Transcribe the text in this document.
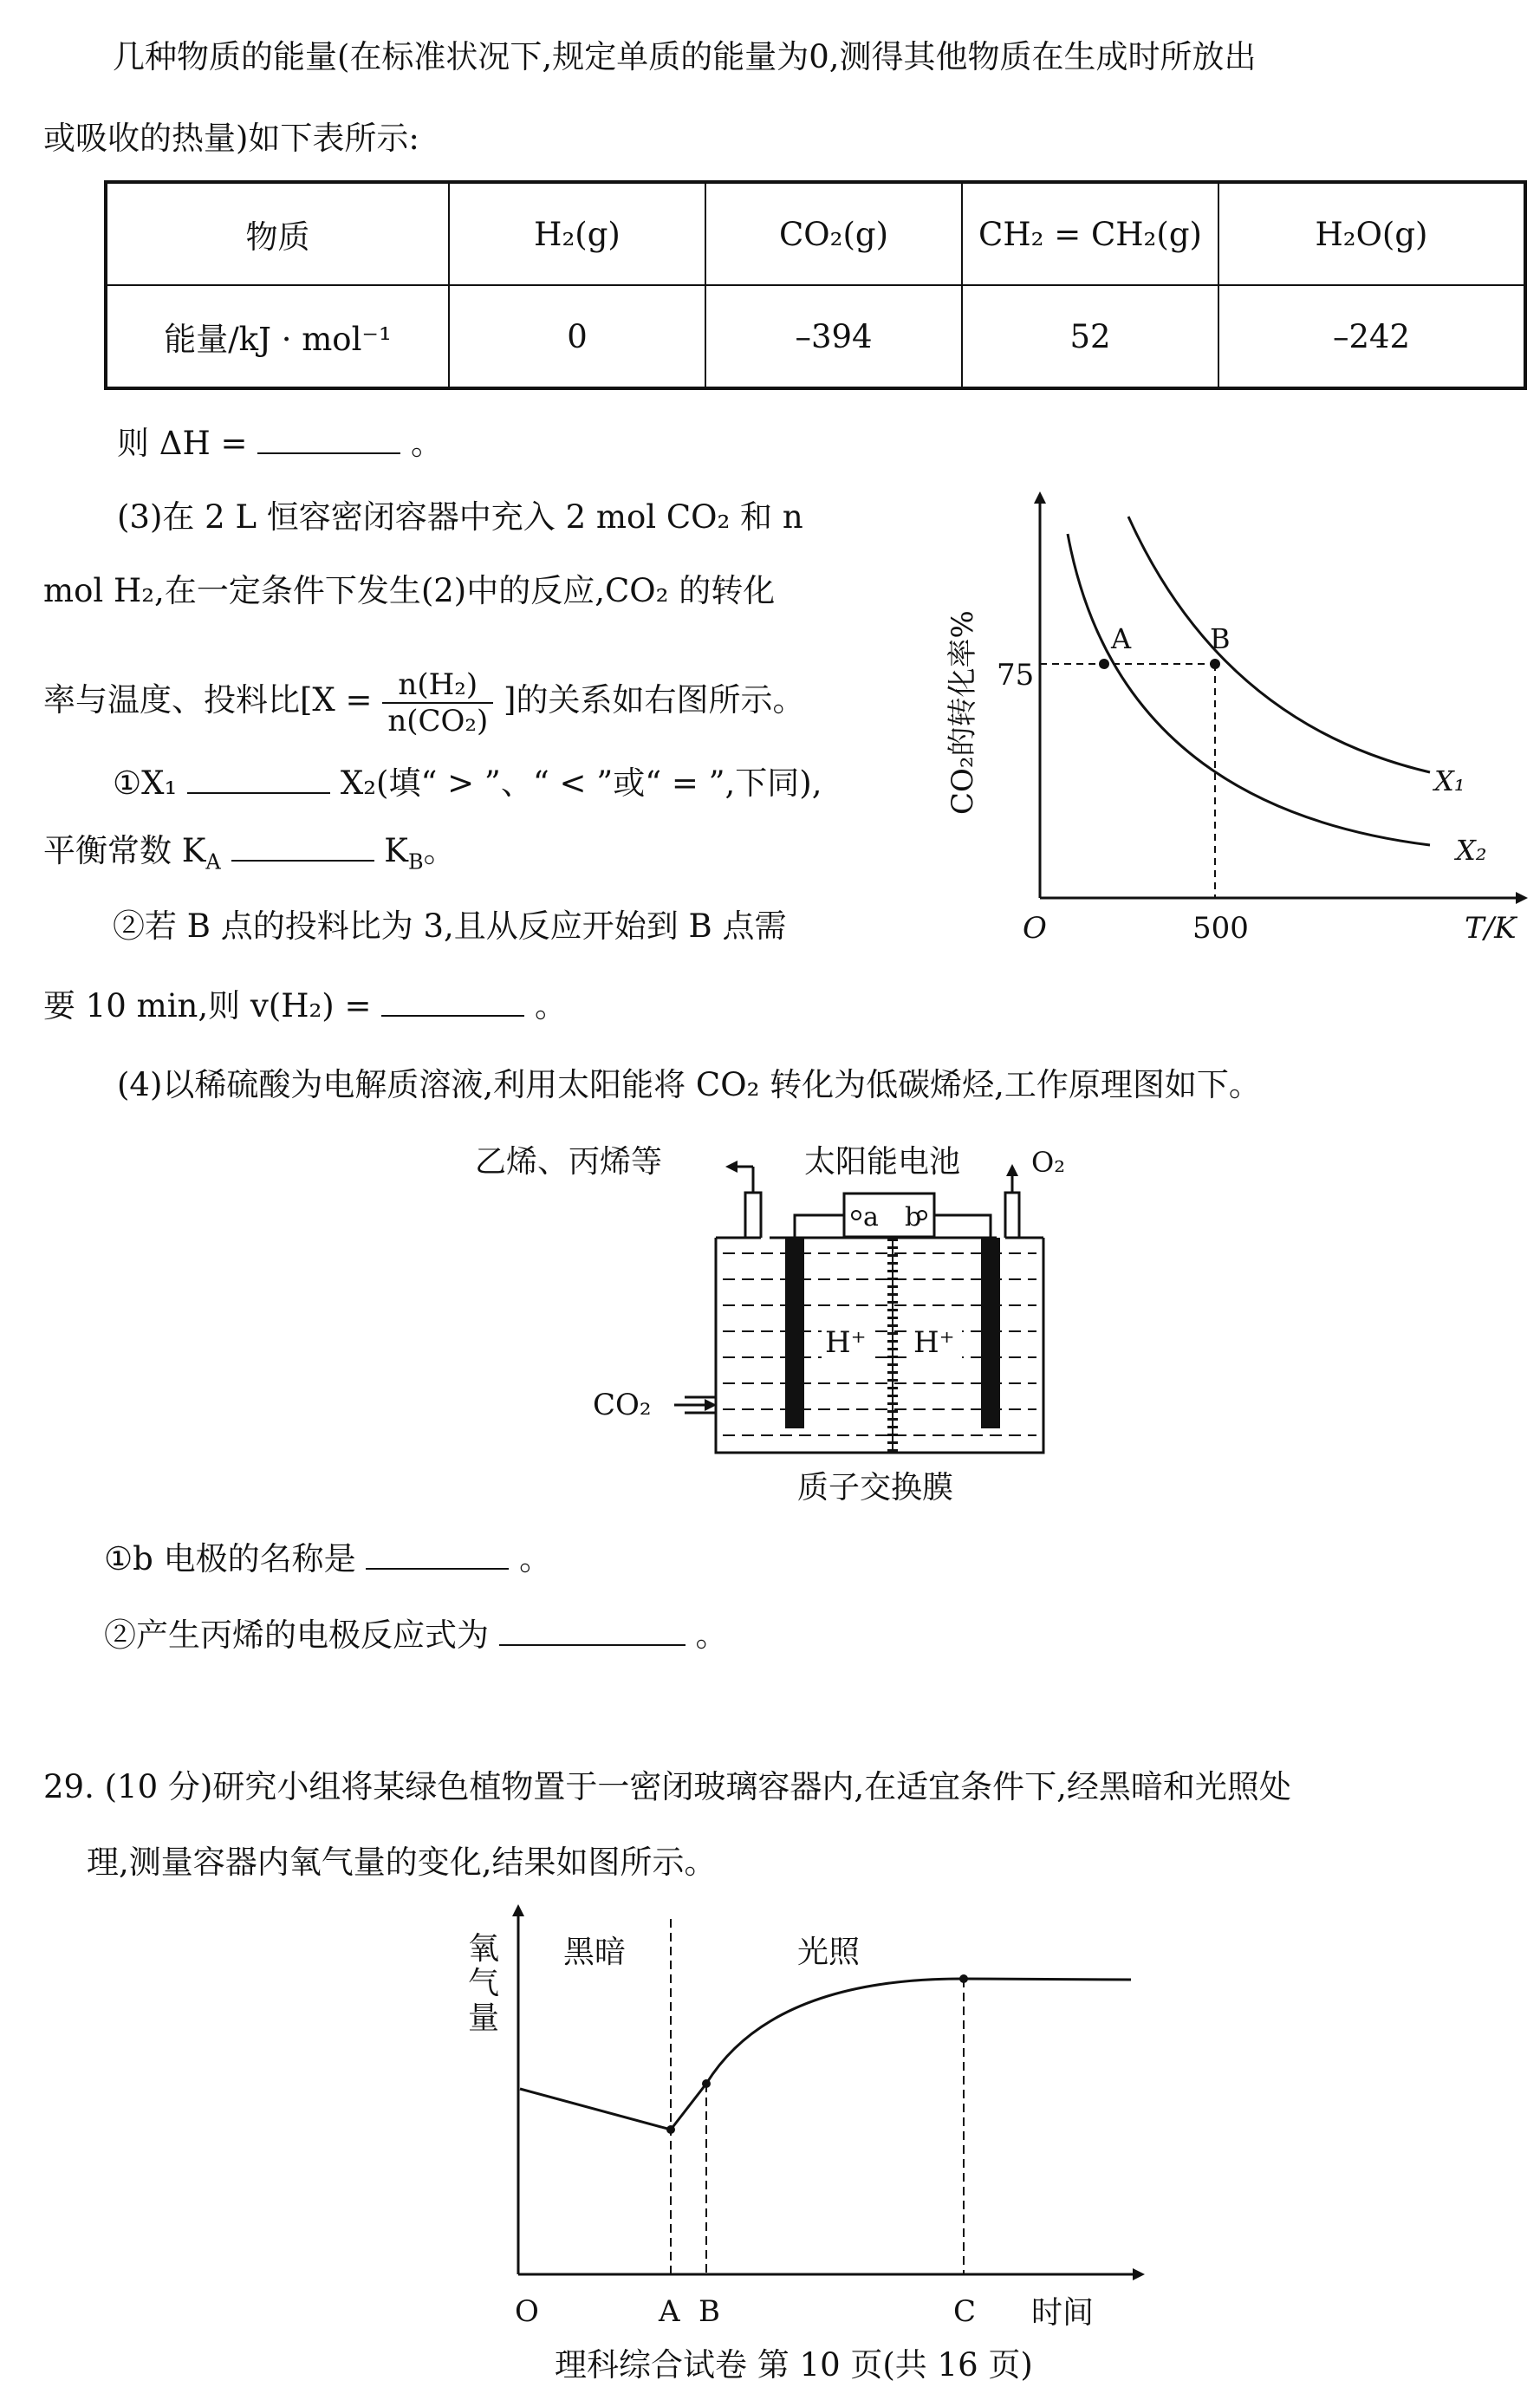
几种物质的能量(在标准状况下,规定单质的能量为0,测得其他物质在生成时所放出
或吸收的热量)如下表所示:
物质	H₂(g)	CO₂(g)	CH₂ = CH₂(g)	H₂O(g)
能量/kJ · mol⁻¹	0	–394	52	–242
则 ΔH =	。
(3)在 2 L 恒容密闭容器中充入 2 mol CO₂ 和 n
mol H₂,在一定条件下发生(2)中的反应,CO₂ 的转化
率与温度、投料比[$X = \frac{\text{n(H₂)}}{\text{n(CO₂)}}$ ]的关系如右图所示。
①X₁	X₂(填“ > ”、“ < ”或“ = ”,下同),
平衡常数 $K_A$	$K_B$。
②若 B 点的投料比为 3,且从反应开始到 B 点需
要 10 min,则 v(H₂) =	。
(4)以稀硫酸为电解质溶液,利用太阳能将 CO₂ 转化为低碳烯烃,工作原理图如下。
①b 电极的名称是	。
②产生丙烯的电极反应式为	。
29. (10 分)研究小组将某绿色植物置于一密闭玻璃容器内,在适宜条件下,经黑暗和光照处
理,测量容器内氧气量的变化,结果如图所示。
理科综合试卷 第 10 页(共 16 页)
A	B
75
O	500	T/K
X₁
X₂
CO₂的转化率%
a b
太阳能电池
乙烯、丙烯等	O₂
H⁺ H⁺
CO₂
质子交换膜
氧
气
量
黑暗	光照
O	A B	C 时间
